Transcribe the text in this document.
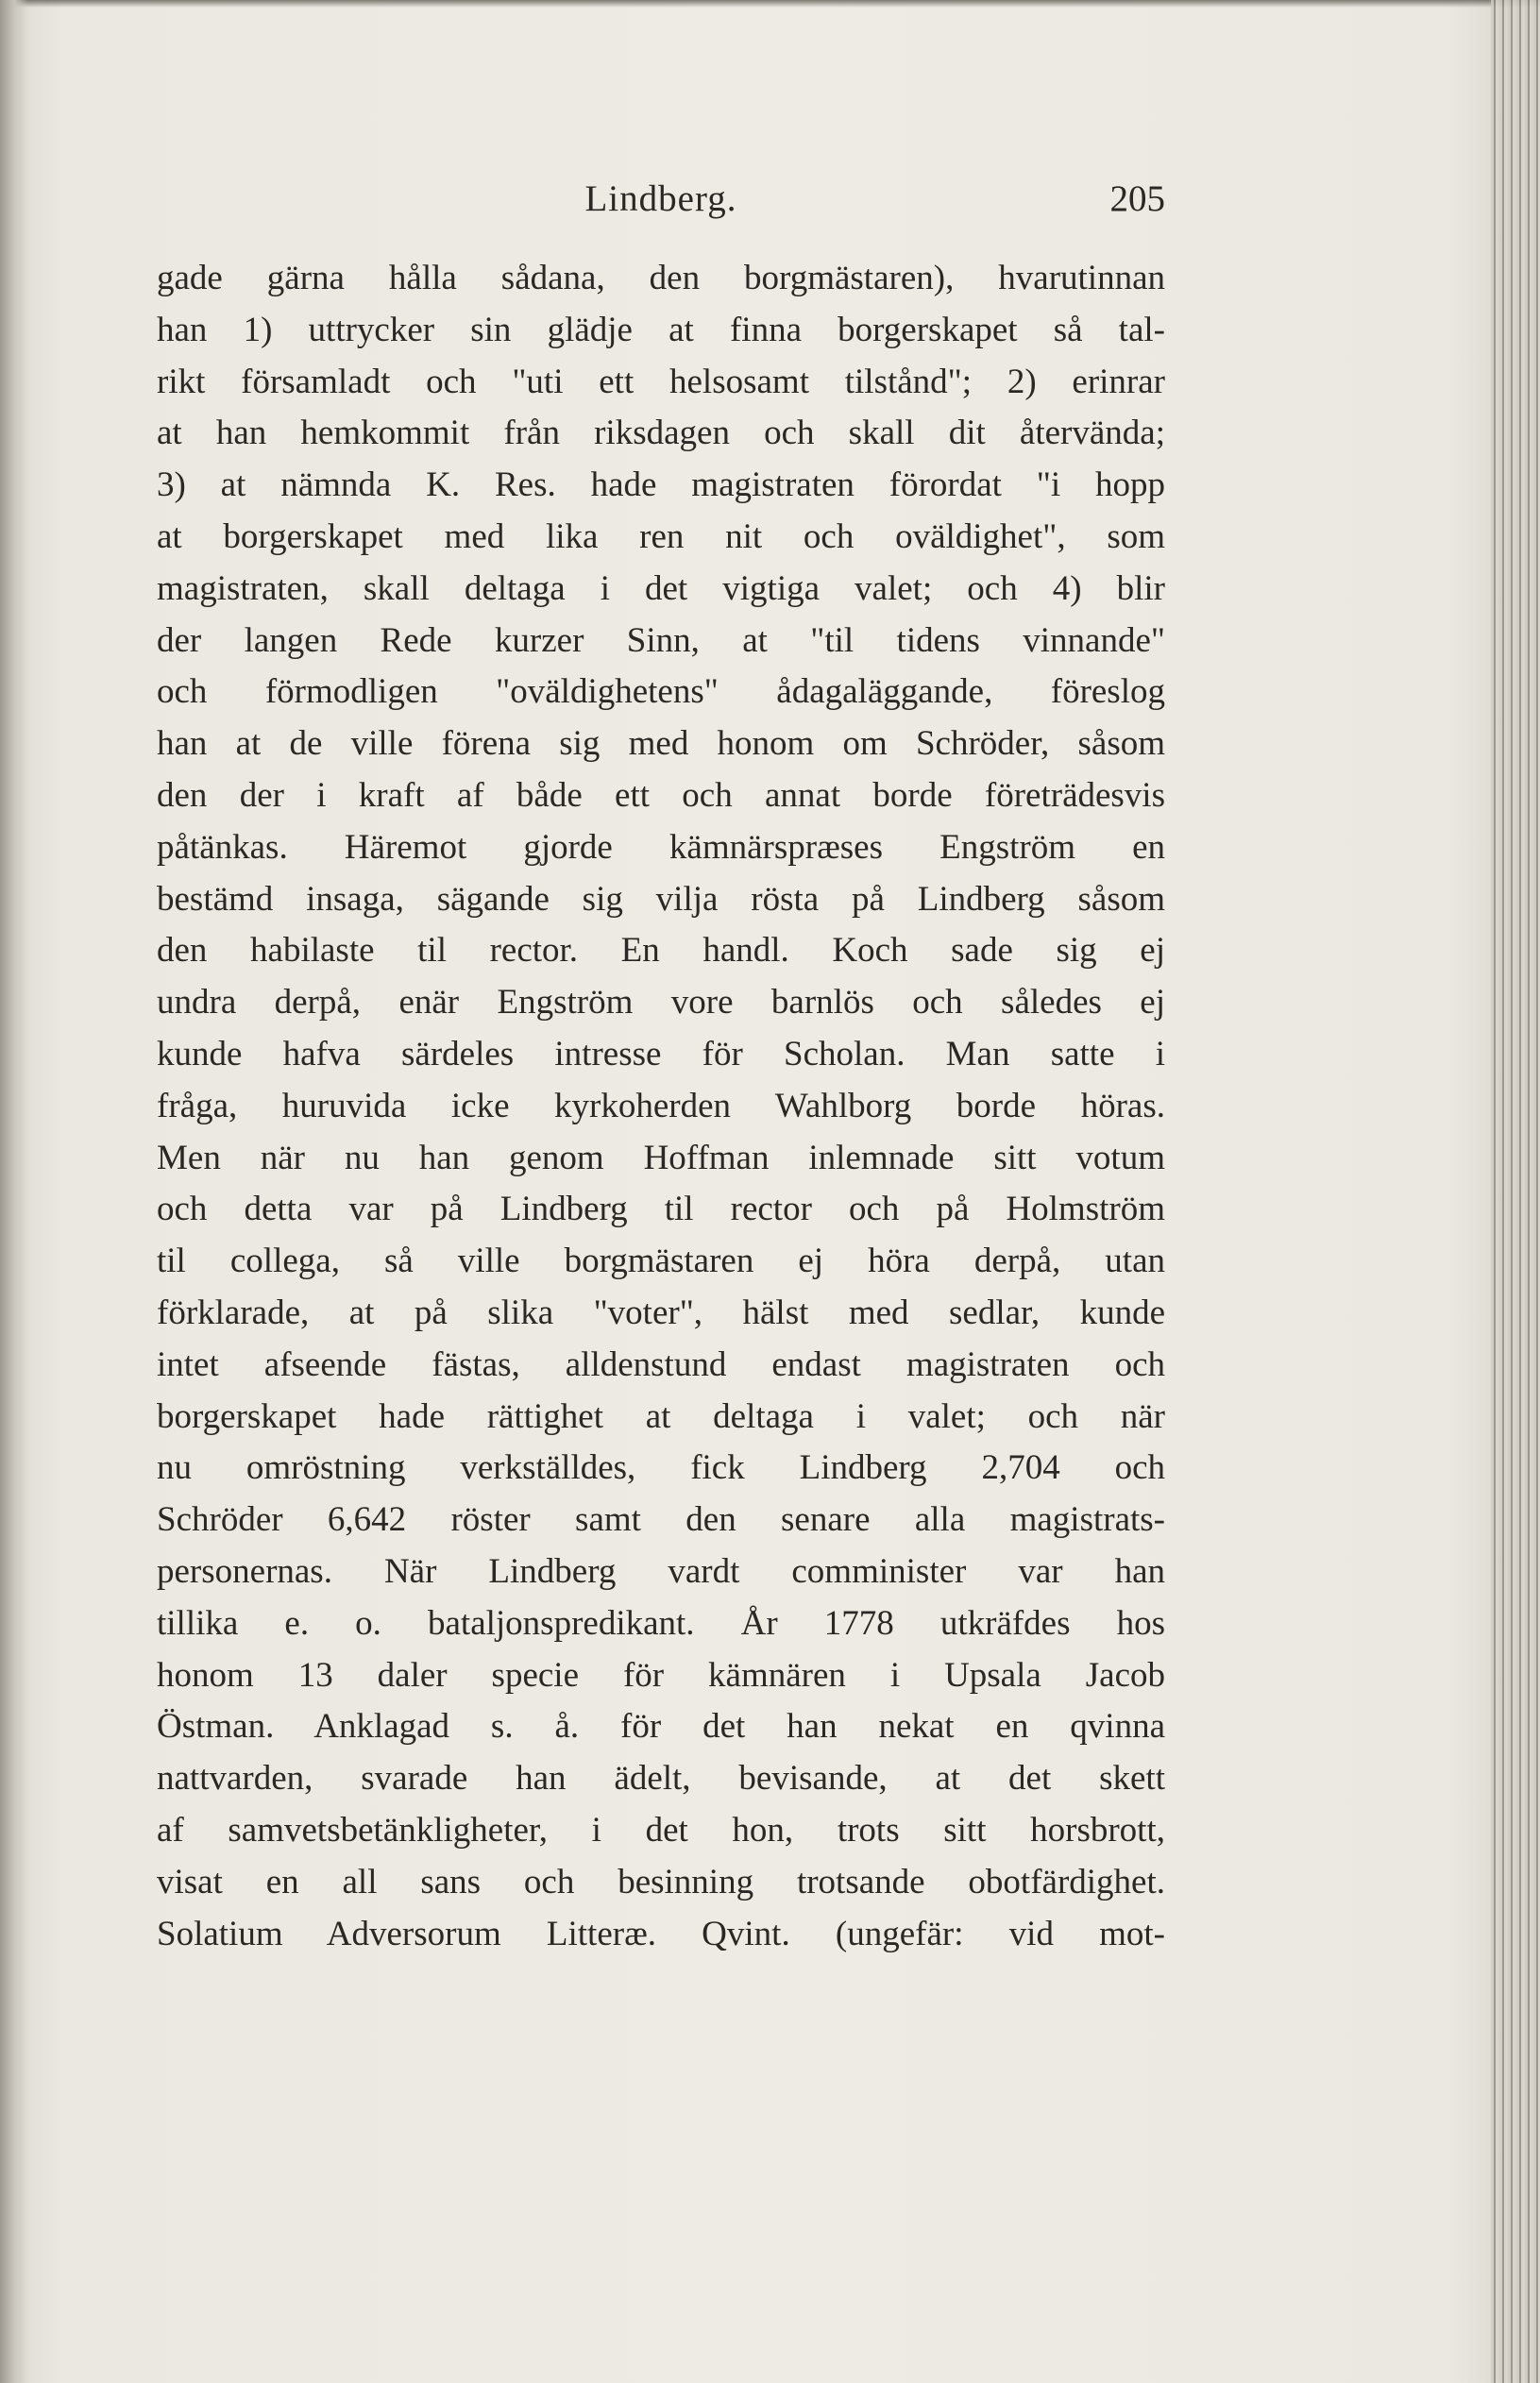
Lindberg.	205
gade gärna hålla sådana, den borgmästaren), hvarutinnan
han 1) uttrycker sin glädje at finna borgerskapet så tal-
rikt församladt och "uti ett helsosamt tilstånd"; 2) erinrar
at han hemkommit från riksdagen och skall dit återvända;
3) at nämnda K. Res. hade magistraten förordat "i hopp
at borgerskapet med lika ren nit och oväldighet", som
magistraten, skall deltaga i det vigtiga valet; och 4) blir
der langen Rede kurzer Sinn, at "til tidens vinnande"
och förmodligen "oväldighetens" ådagaläggande, föreslog
han at de ville förena sig med honom om Schröder, såsom
den der i kraft af både ett och annat borde företrädesvis
påtänkas. Häremot gjorde kämnärspræses Engström en
bestämd insaga, sägande sig vilja rösta på Lindberg såsom
den habilaste til rector. En handl. Koch sade sig ej
undra derpå, enär Engström vore barnlös och således ej
kunde hafva särdeles intresse för Scholan. Man satte i
fråga, huruvida icke kyrkoherden Wahlborg borde höras.
Men när nu han genom Hoffman inlemnade sitt votum
och detta var på Lindberg til rector och på Holmström
til collega, så ville borgmästaren ej höra derpå, utan
förklarade, at på slika "voter", hälst med sedlar, kunde
intet afseende fästas, alldenstund endast magistraten och
borgerskapet hade rättighet at deltaga i valet; och när
nu omröstning verkställdes, fick Lindberg 2,704 och
Schröder 6,642 röster samt den senare alla magistrats-
personernas. När Lindberg vardt comminister var han
tillika e. o. bataljonspredikant. År 1778 utkräfdes hos
honom 13 daler specie för kämnären i Upsala Jacob
Östman. Anklagad s. å. för det han nekat en qvinna
nattvarden, svarade han ädelt, bevisande, at det skett
af samvetsbetänkligheter, i det hon, trots sitt horsbrott,
visat en all sans och besinning trotsande obotfärdighet.
Solatium Adversorum Litteræ. Qvint. (ungefär: vid mot-
